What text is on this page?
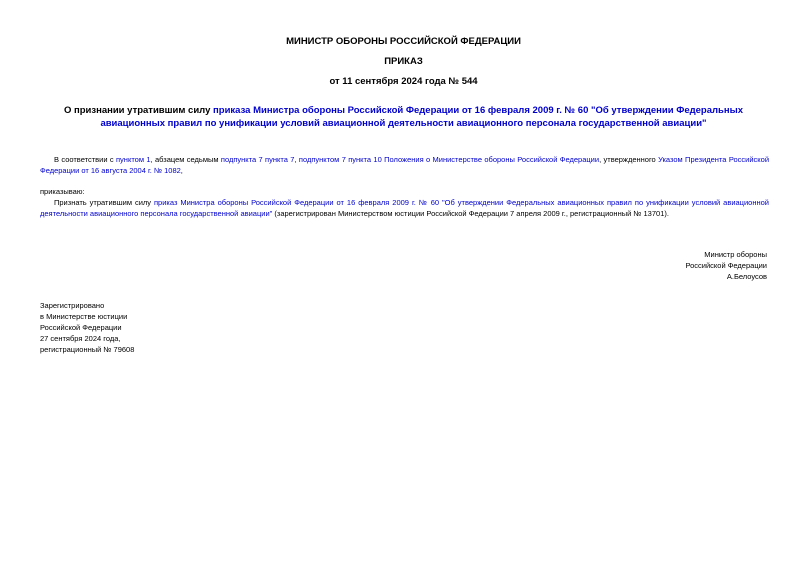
МИНИСТР ОБОРОНЫ РОССИЙСКОЙ ФЕДЕРАЦИИ
ПРИКАЗ
от 11 сентября 2024 года № 544
О признании утратившим силу приказа Министра обороны Российской Федерации от 16 февраля 2009 г. № 60 "Об утверждении Федеральных авиационных правил по унификации условий авиационной деятельности авиационного персонала государственной авиации"
В соответствии с пунктом 1, абзацем седьмым подпункта 7 пункта 7, подпунктом 7 пункта 10 Положения о Министерстве обороны Российской Федерации, утвержденного Указом Президента Российской Федерации от 16 августа 2004 г. № 1082,
приказываю:
Признать утратившим силу приказ Министра обороны Российской Федерации от 16 февраля 2009 г. № 60 "Об утверждении Федеральных авиационных правил по унификации условий авиационной деятельности авиационного персонала государственной авиации" (зарегистрирован Министерством юстиции Российской Федерации 7 апреля 2009 г., регистрационный № 13701).
Министр обороны
Российской Федерации
А.Белоусов
Зарегистрировано
в Министерстве юстиции
Российской Федерации
27 сентября 2024 года,
регистрационный № 79608
